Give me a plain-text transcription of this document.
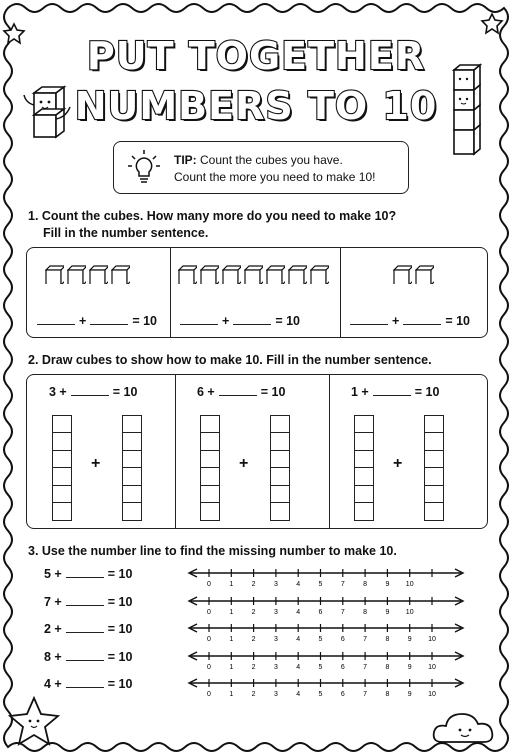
PUT TOGETHER
NUMBERS TO 10
TIP: Count the cubes you have.
Count the more you need to make 10!
1. Count the cubes. How many more do you need to make 10?
Fill in the number sentence.
+	= 10	+	= 10	+	= 10
2. Draw cubes to show how to make 10. Fill in the number sentence.
3 +	= 10
+
6 +	= 10
+
1 +	= 10
+
3. Use the number line to find the missing number to make 10.
5 +	= 10
0	1	2	3	4	5	7	8	9 10
7 +	= 10
0	1	2	3	4	6	7	8	9 10
2 +	= 10
0	1	2	3	4	5	6	7	8	9 10
8 +	= 10
0	1	2	3	4	5	6	7	8	9 10
4 +	= 10
0	1	2	3	4	5	6	7	8	9 10
